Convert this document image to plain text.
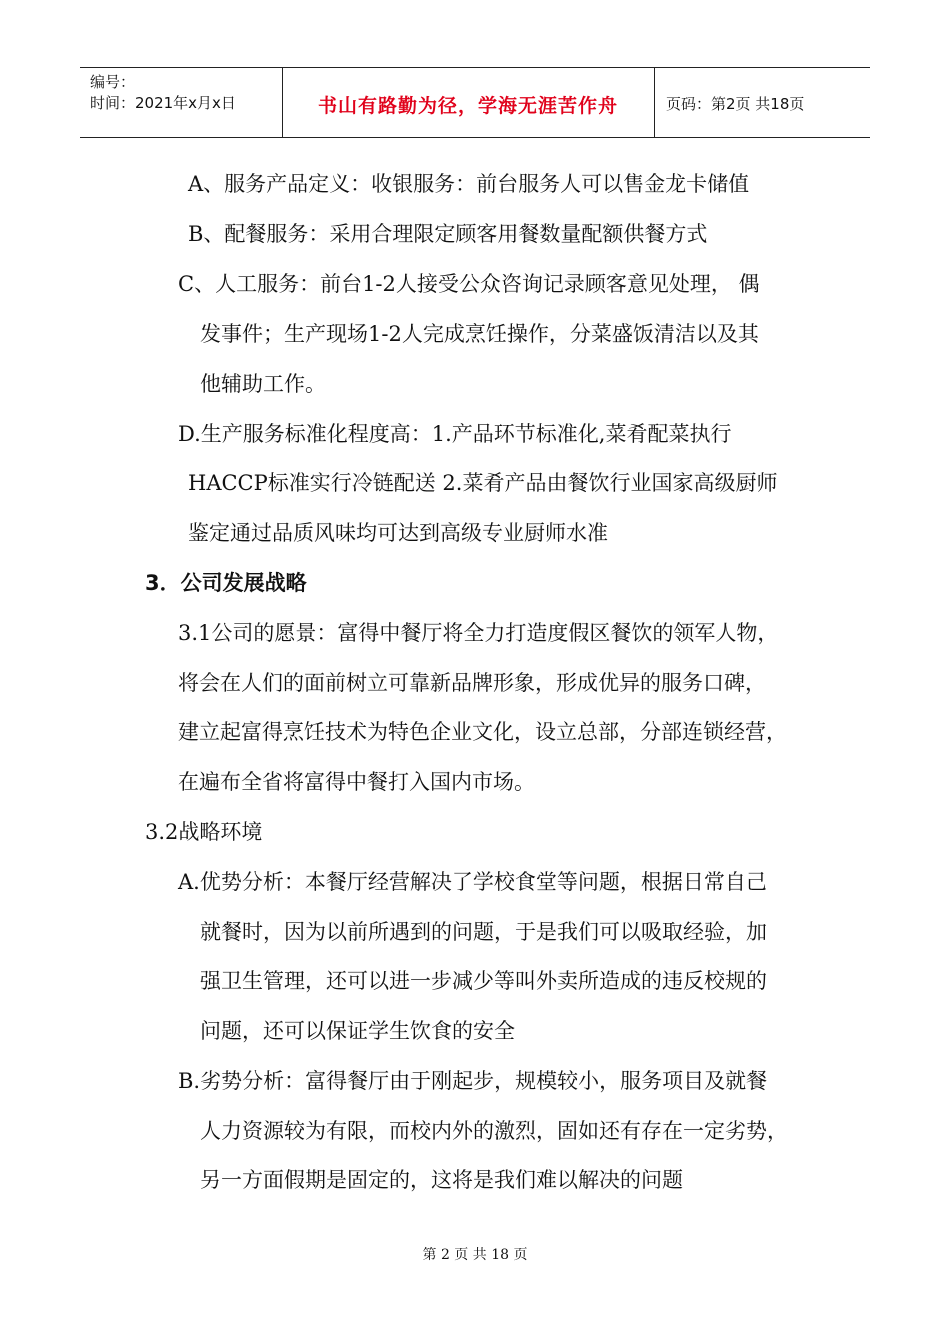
编号：
时间：2021年x月x日	书山有路勤为径，学海无涯苦作舟	页码：第2页 共18页
A、服务产品定义：收银服务：前台服务人可以售金龙卡储值
B、配餐服务：采用合理限定顾客用餐数量配额供餐方式
C、人工服务：前台1-2人接受公众咨询记录顾客意见处理， 偶
发事件；生产现场1-2人完成烹饪操作，分菜盛饭清洁以及其
他辅助工作。
D.生产服务标准化程度高：1.产品环节标准化,菜肴配菜执行
HACCP标准实行冷链配送 2.菜肴产品由餐饮行业国家高级厨师
鉴定通过品质风味均可达到高级专业厨师水准
3．公司发展战略
3.1公司的愿景：富得中餐厅将全力打造度假区餐饮的领军人物，
将会在人们的面前树立可靠新品牌形象，形成优异的服务口碑，
建立起富得烹饪技术为特色企业文化，设立总部，分部连锁经营，
在遍布全省将富得中餐打入国内市场。
3.2战略环境
A.优势分析：本餐厅经营解决了学校食堂等问题，根据日常自己
就餐时，因为以前所遇到的问题，于是我们可以吸取经验，加
强卫生管理，还可以进一步减少等叫外卖所造成的违反校规的
问题，还可以保证学生饮食的安全
B.劣势分析：富得餐厅由于刚起步，规模较小，服务项目及就餐
人力资源较为有限，而校内外的激烈，固如还有存在一定劣势，
另一方面假期是固定的，这将是我们难以解决的问题
第 2 页 共 18 页
